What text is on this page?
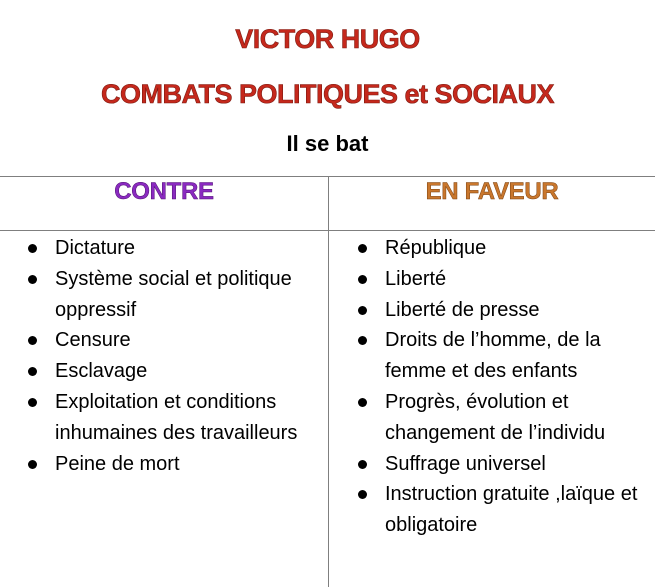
VICTOR HUGO
COMBATS POLITIQUES et SOCIAUX
Il se bat
CONTRE	EN FAVEUR
Dictature
Système social et politique oppressif
Censure
Esclavage
Exploitation et conditions inhumaines des travailleurs
Peine de mort
République
Liberté
Liberté de presse
Droits de l’homme, de la femme et des enfants
Progrès, évolution et changement de l’individu
Suffrage universel
Instruction gratuite ,laïque et obligatoire
